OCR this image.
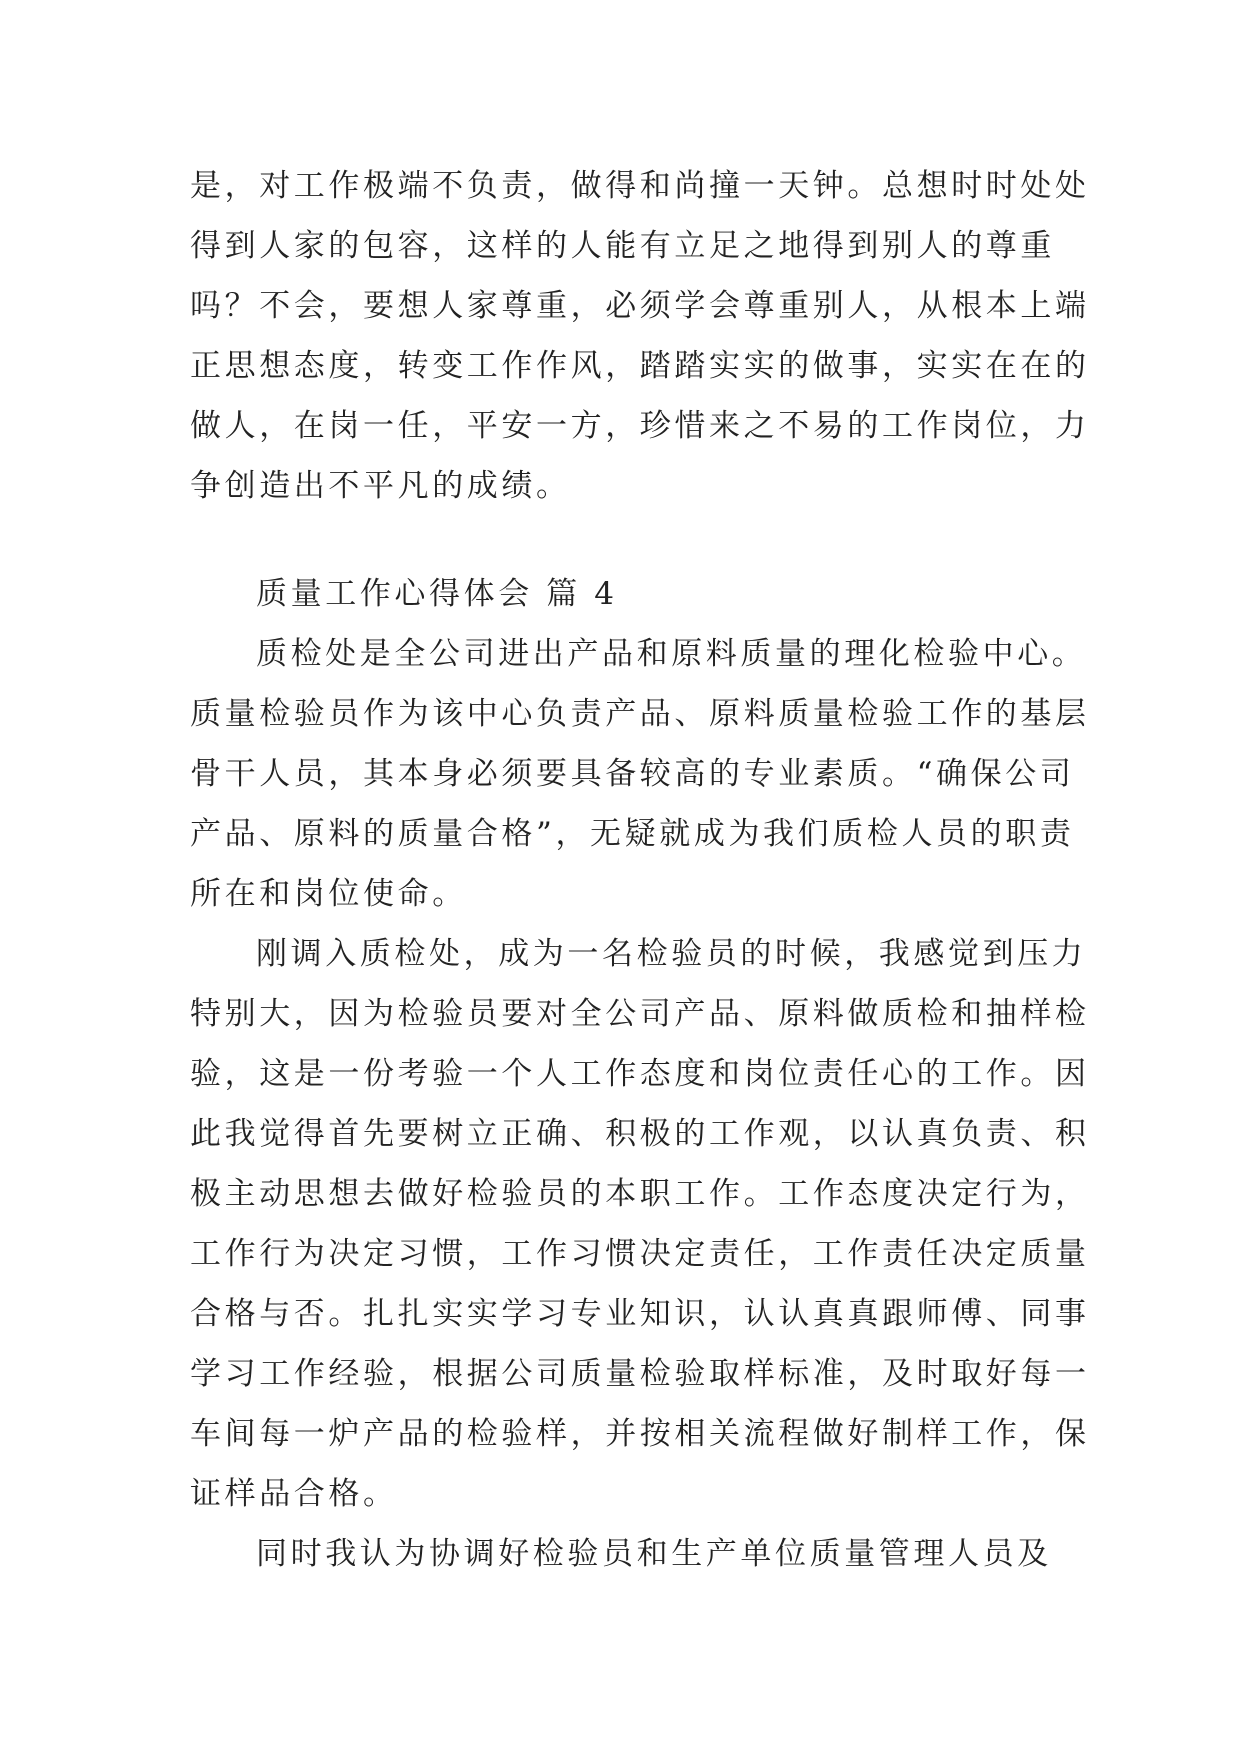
是，对工作极端不负责，做得和尚撞一天钟。总想时时处处

得到人家的包容，这样的人能有立足之地得到别人的尊重

吗？不会，要想人家尊重，必须学会尊重别人，从根本上端

正思想态度，转变工作作风，踏踏实实的做事，实实在在的

做人，在岗一任，平安一方，珍惜来之不易的工作岗位，力

争创造出不平凡的成绩。

质量工作心得体会 篇 4

质检处是全公司进出产品和原料质量的理化检验中心。

质量检验员作为该中心负责产品、原料质量检验工作的基层

骨干人员，其本身必须要具备较高的专业素质。“确保公司

产品、原料的质量合格”，无疑就成为我们质检人员的职责

所在和岗位使命。

刚调入质检处，成为一名检验员的时候，我感觉到压力

特别大，因为检验员要对全公司产品、原料做质检和抽样检

验，这是一份考验一个人工作态度和岗位责任心的工作。因

此我觉得首先要树立正确、积极的工作观，以认真负责、积

极主动思想去做好检验员的本职工作。工作态度决定行为，

工作行为决定习惯，工作习惯决定责任，工作责任决定质量

合格与否。扎扎实实学习专业知识，认认真真跟师傅、同事

学习工作经验，根据公司质量检验取样标准，及时取好每一

车间每一炉产品的检验样，并按相关流程做好制样工作，保

证样品合格。

同时我认为协调好检验员和生产单位质量管理人员及
